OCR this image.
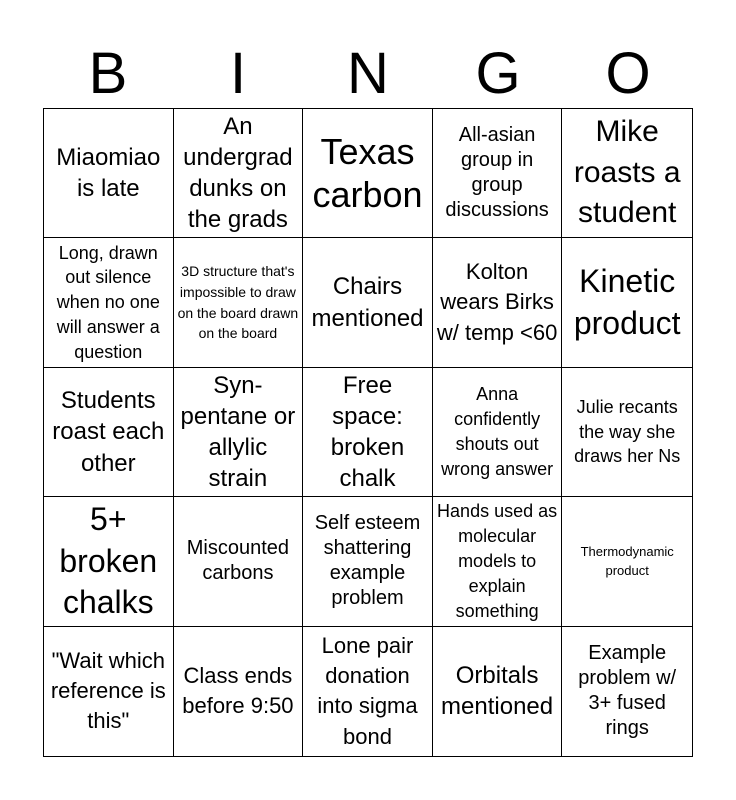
B	I	N	G	O
Miaomiao is late
An undergrad dunks on the grads
Texas carbon
All-asian group in group discussions
Mike roasts a student
Long, drawn out silence when no one will answer a question
3D structure that's impossible to draw on the board drawn on the board
Chairs mentioned
Kolton wears Birks w/ temp <60
Kinetic product
Students roast each other
Syn-pentane or allylic strain
Free space: broken chalk
Anna confidently shouts out wrong answer
Julie recants the way she draws her Ns
5+ broken chalks
Miscounted carbons
Self esteem shattering example problem
Hands used as molecular models to explain something
Thermodynamic product
"Wait which reference is this"
Class ends before 9:50
Lone pair donation into sigma bond
Orbitals mentioned
Example problem w/ 3+ fused rings
